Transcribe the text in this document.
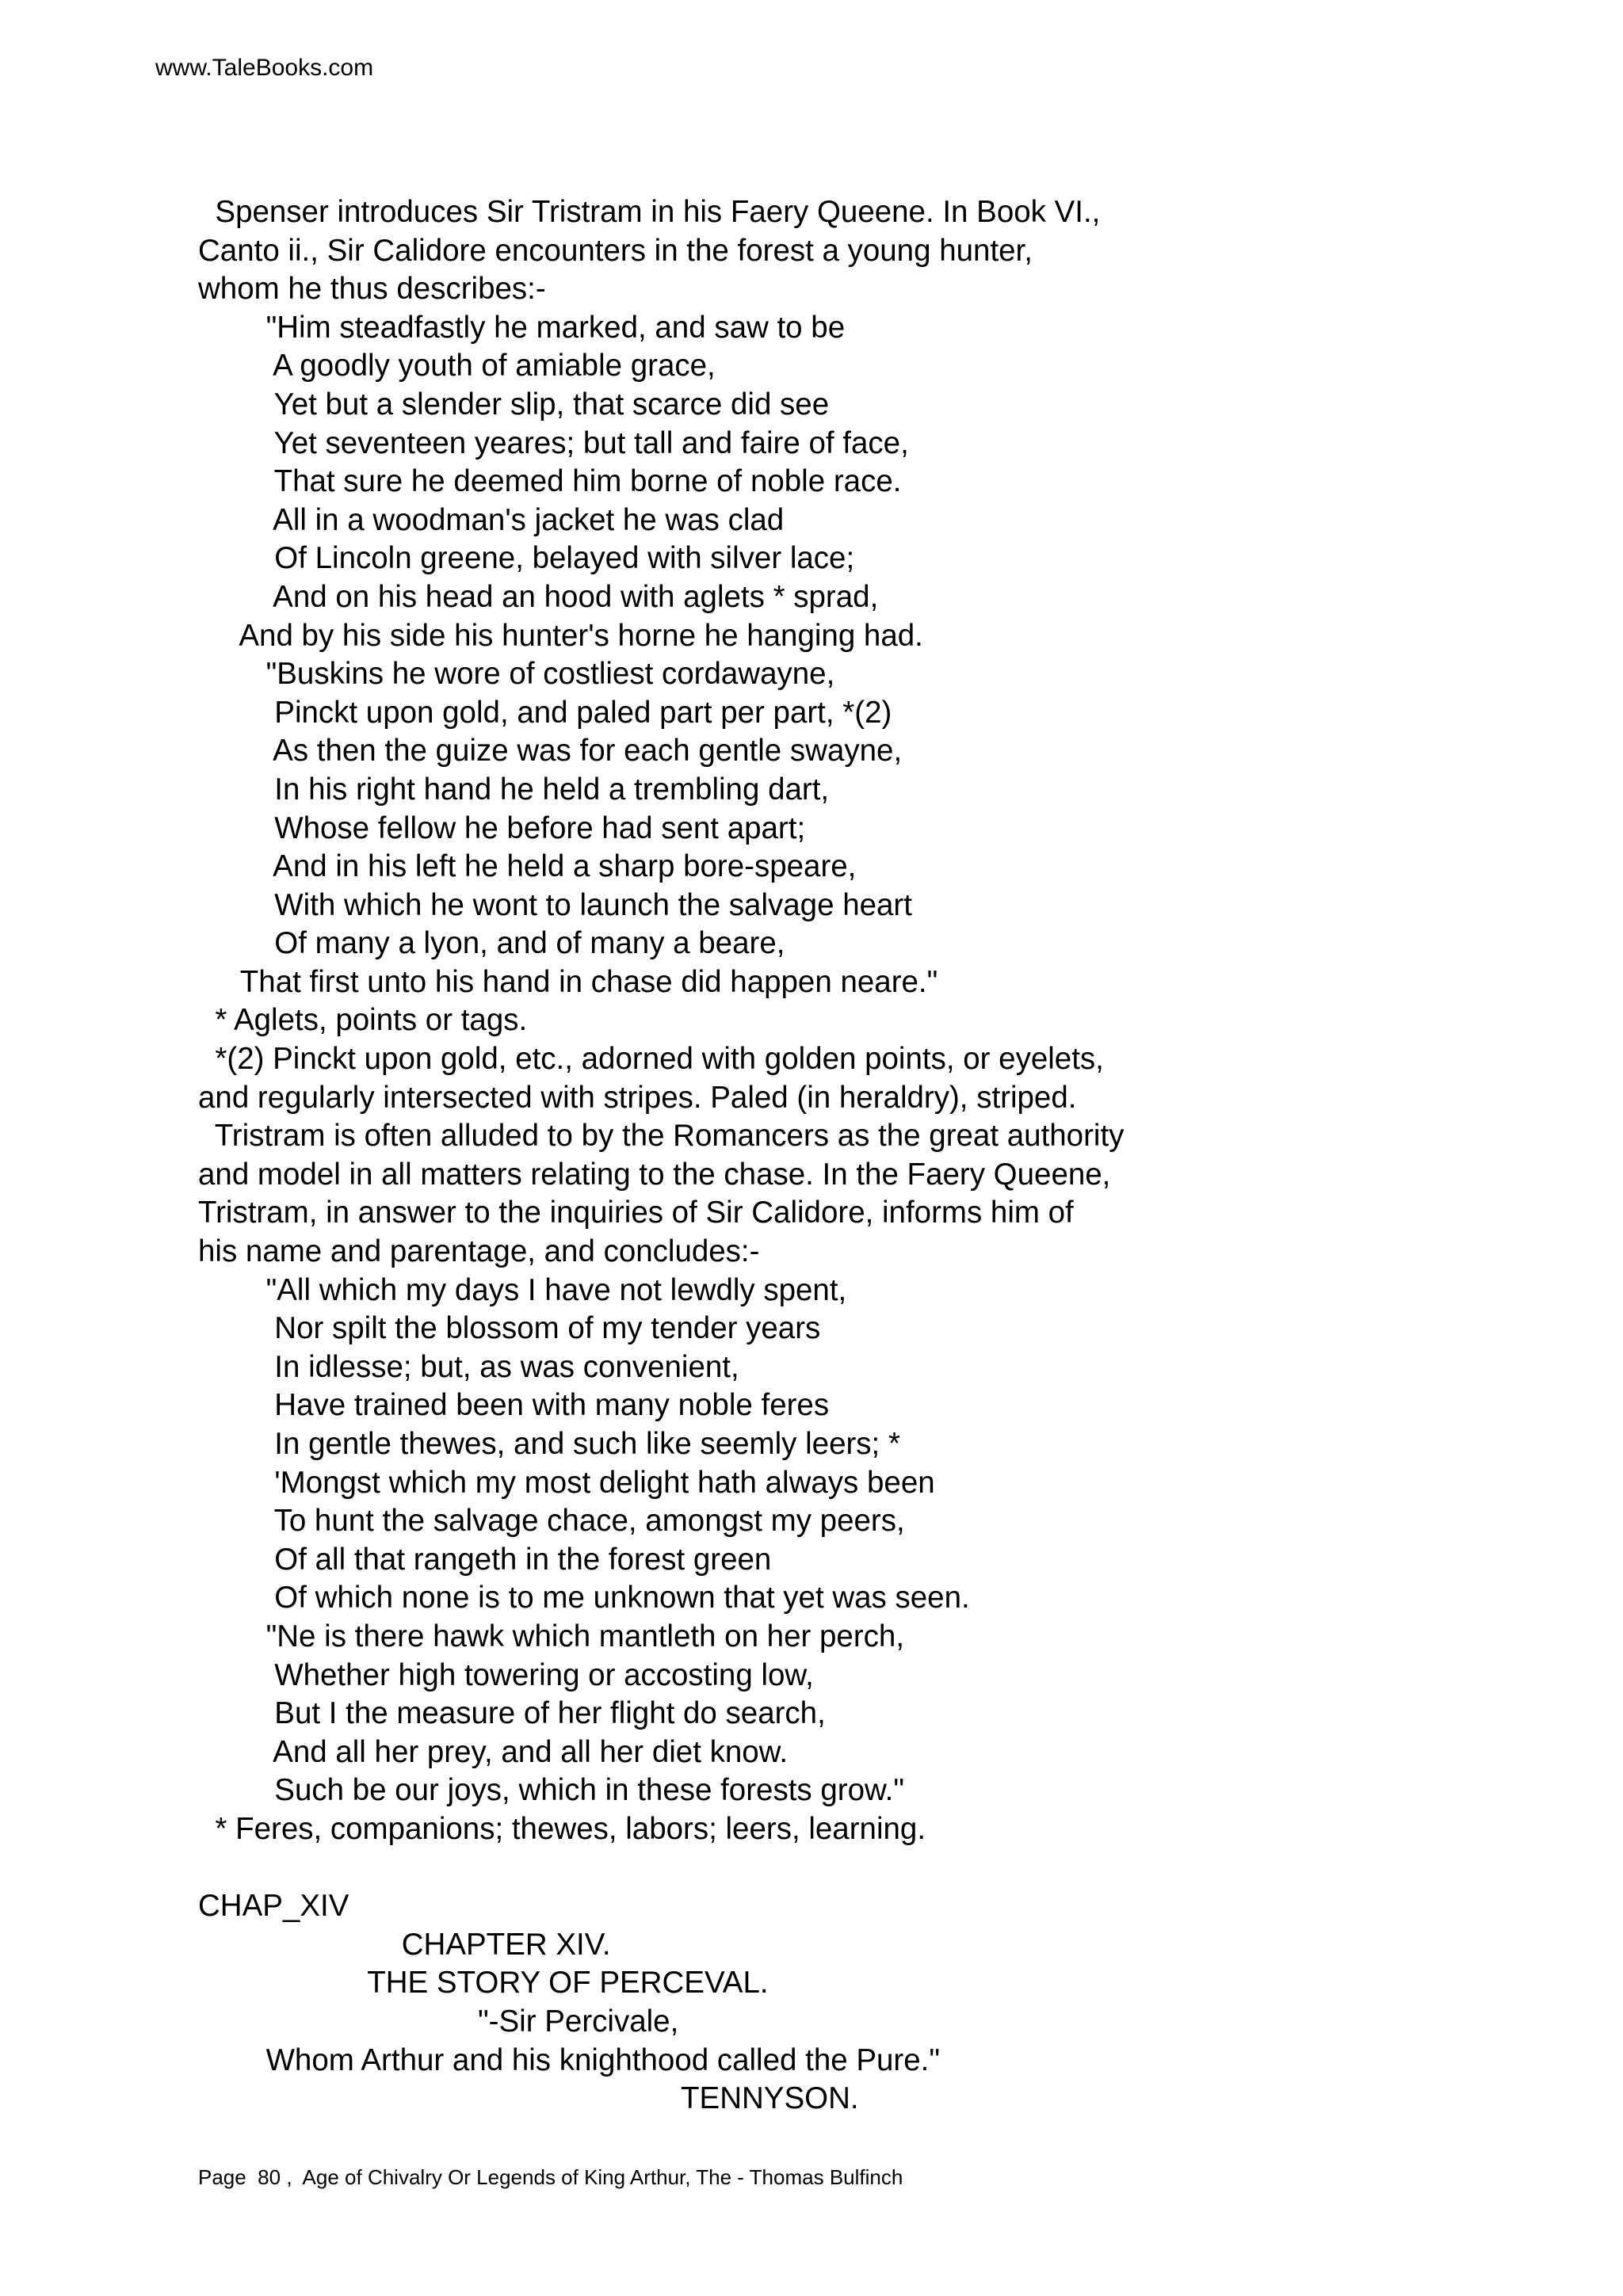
www.TaleBooks.com
Spenser introduces Sir Tristram in his Faery Queene. In Book VI.,
Canto ii., Sir Calidore encounters in the forest a young hunter,
whom he thus describes:-
"Him steadfastly he marked, and saw to be
A goodly youth of amiable grace,
Yet but a slender slip, that scarce did see
Yet seventeen yeares; but tall and faire of face,
That sure he deemed him borne of noble race.
All in a woodman's jacket he was clad
Of Lincoln greene, belayed with silver lace;
And on his head an hood with aglets * sprad,
And by his side his hunter's horne he hanging had.
"Buskins he wore of costliest cordawayne,
Pinckt upon gold, and paled part per part, *(2)
As then the guize was for each gentle swayne,
In his right hand he held a trembling dart,
Whose fellow he before had sent apart;
And in his left he held a sharp bore-speare,
With which he wont to launch the salvage heart
Of many a lyon, and of many a beare,
That first unto his hand in chase did happen neare."
* Aglets, points or tags.
*(2) Pinckt upon gold, etc., adorned with golden points, or eyelets,
and regularly intersected with stripes. Paled (in heraldry), striped.
Tristram is often alluded to by the Romancers as the great authority
and model in all matters relating to the chase. In the Faery Queene,
Tristram, in answer to the inquiries of Sir Calidore, informs him of
his name and parentage, and concludes:-
"All which my days I have not lewdly spent,
Nor spilt the blossom of my tender years
In idlesse; but, as was convenient,
Have trained been with many noble feres
In gentle thewes, and such like seemly leers; *
'Mongst which my most delight hath always been
To hunt the salvage chace, amongst my peers,
Of all that rangeth in the forest green
Of which none is to me unknown that yet was seen.
"Ne is there hawk which mantleth on her perch,
Whether high towering or accosting low,
But I the measure of her flight do search,
And all her prey, and all her diet know.
Such be our joys, which in these forests grow."
* Feres, companions; thewes, labors; leers, learning.
CHAP_XIV
CHAPTER XIV.
THE STORY OF PERCEVAL.
"-Sir Percivale,
Whom Arthur and his knighthood called the Pure."
TENNYSON.
Page  80 ,  Age of Chivalry Or Legends of King Arthur, The - Thomas Bulfinch
